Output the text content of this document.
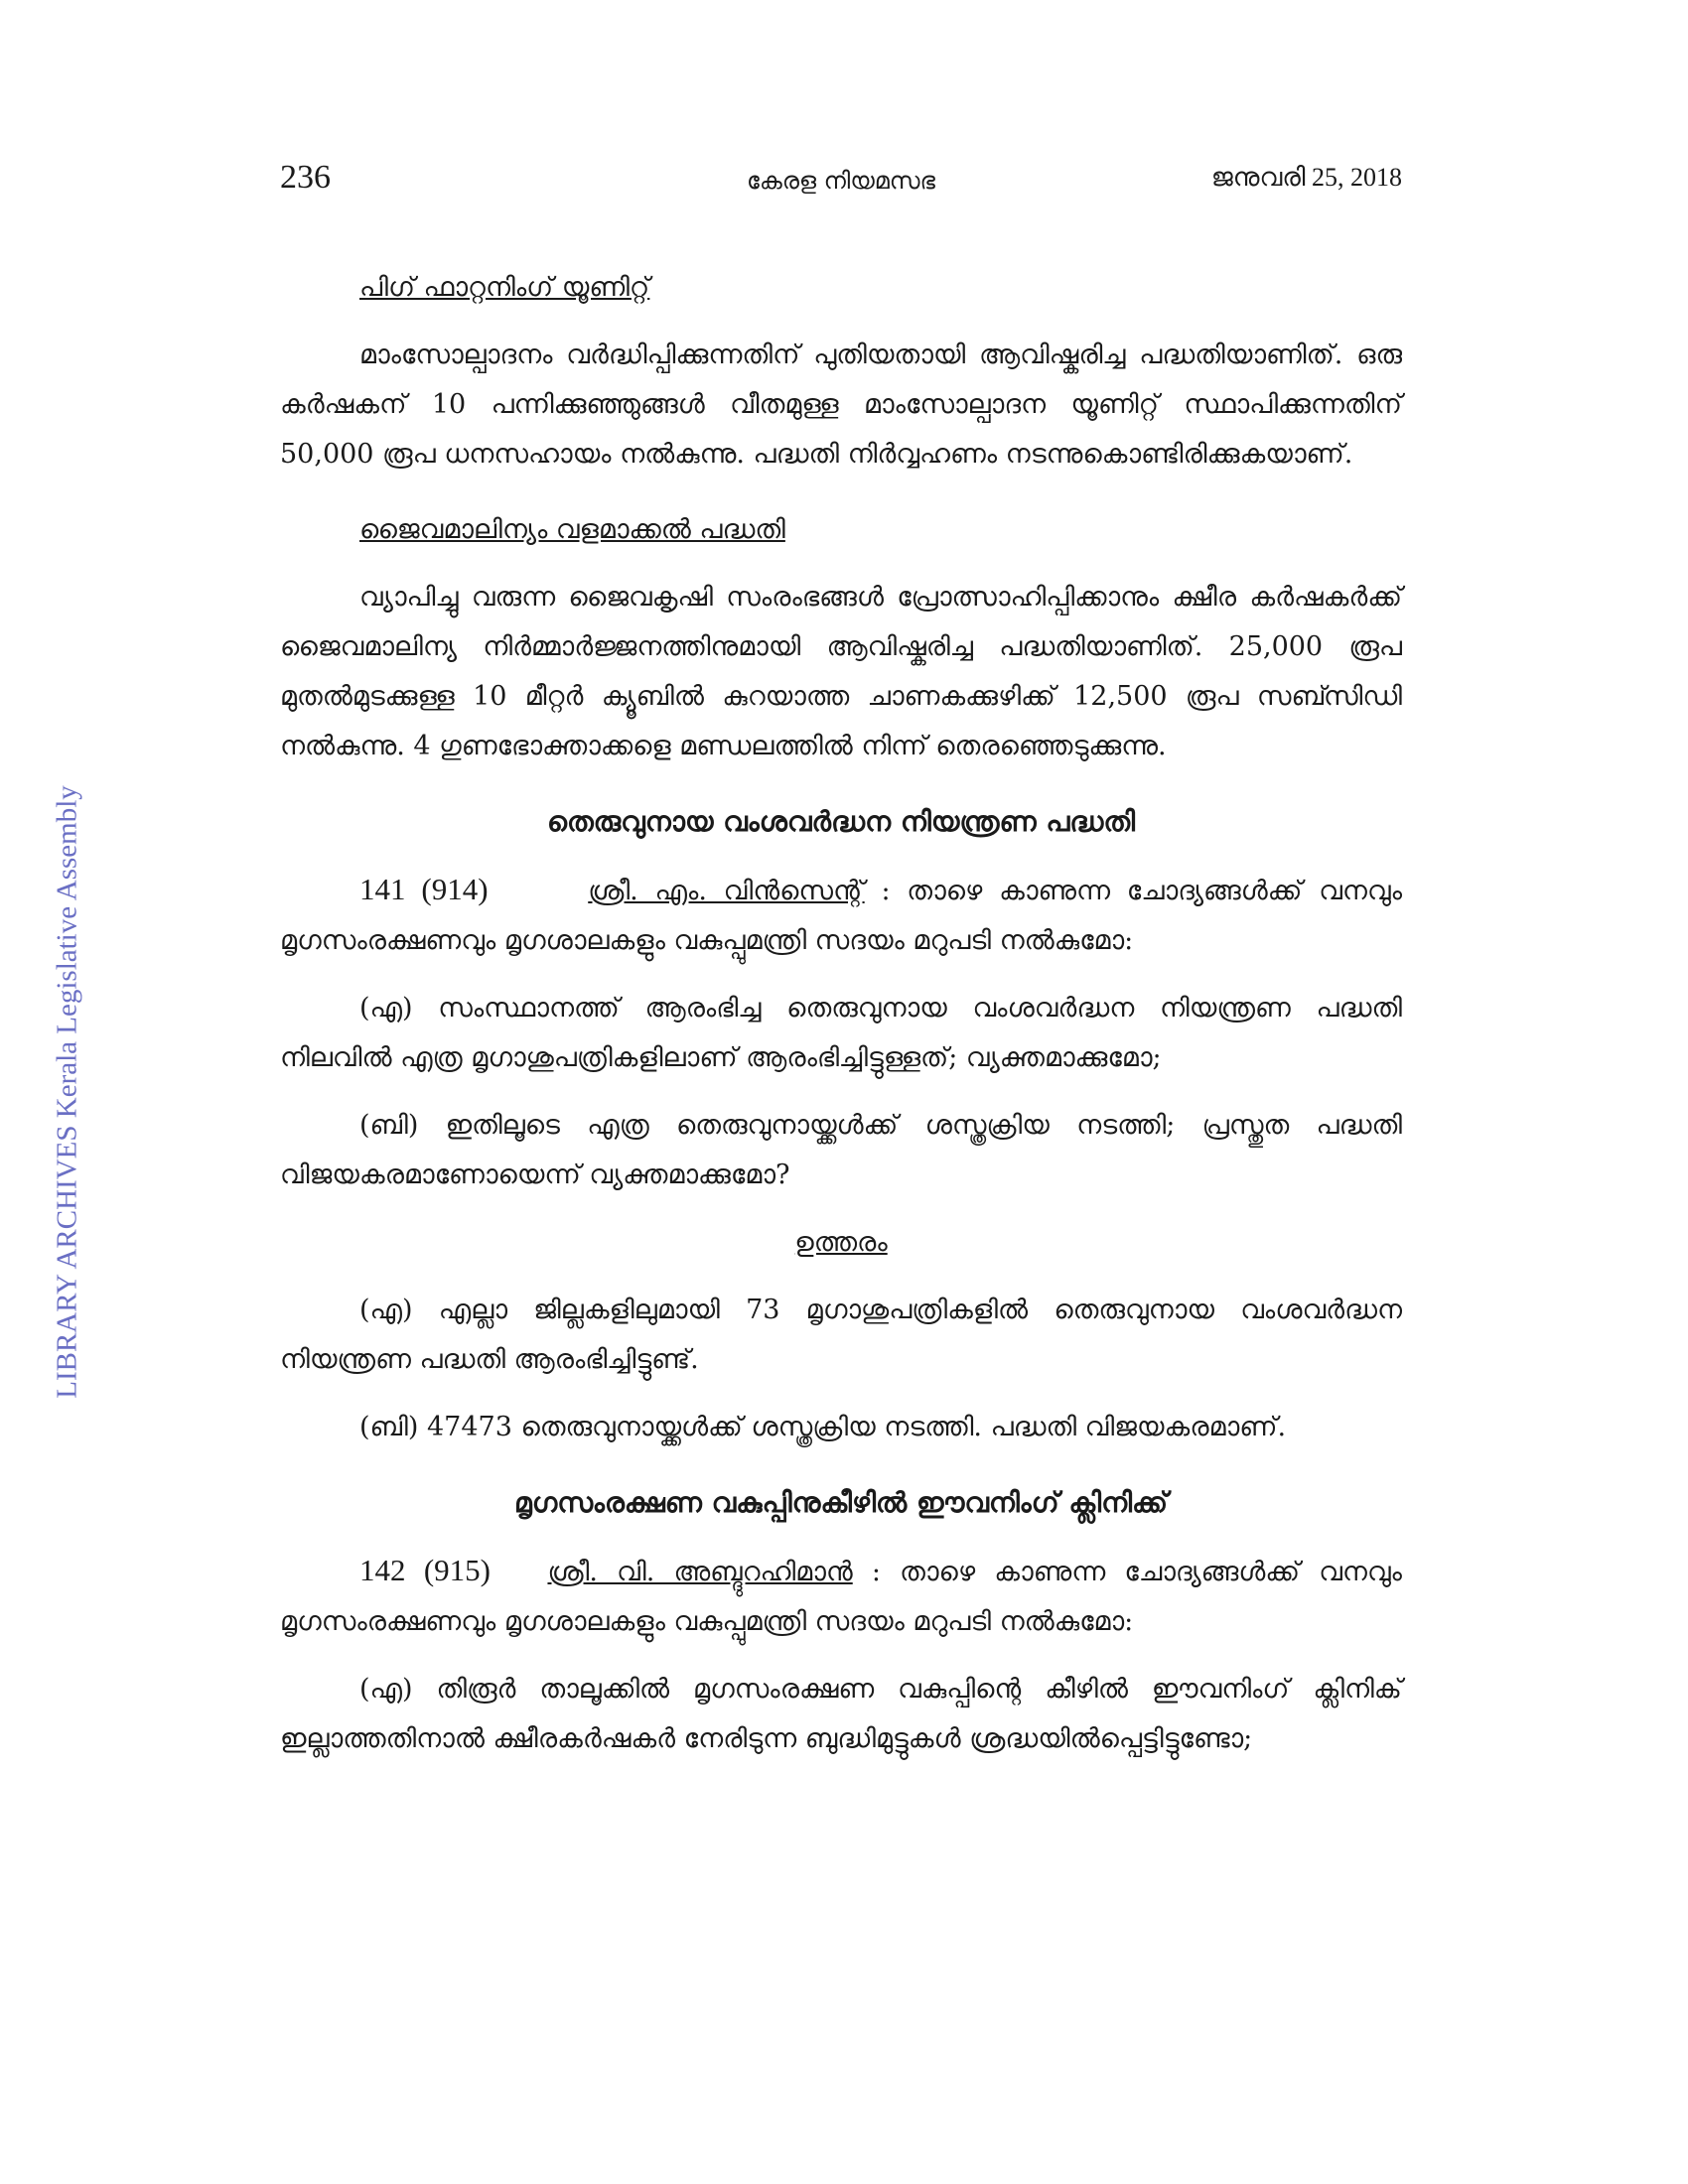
236	കേരള നിയമസഭ	ജനുവരി 25, 2018
LIBRARY ARCHIVES Kerala Legislative Assembly

പിഗ് ഫാറ്റനിംഗ് യൂണിറ്റ്

മാംസോല്പാദനം വർദ്ധിപ്പിക്കുന്നതിന് പുതിയതായി ആവിഷ്കരിച്ച പദ്ധതിയാണിത്. ഒരു കർഷകന് 10 പന്നിക്കുഞ്ഞുങ്ങൾ വീതമുള്ള മാംസോല്പാദന യൂണിറ്റ് സ്ഥാപിക്കുന്നതിന് 50,000 രൂപ ധനസഹായം നൽകുന്നു. പദ്ധതി നിർവ്വഹണം നടന്നുകൊണ്ടിരിക്കുകയാണ്.

ജൈവമാലിന്യം വളമാക്കൽ പദ്ധതി

വ്യാപിച്ചു വരുന്ന ജൈവകൃഷി സംരംഭങ്ങൾ പ്രോത്സാഹിപ്പിക്കാനും ക്ഷീര കർഷകർക്ക് ജൈവമാലിന്യ നിർമ്മാർജ്ജനത്തിനുമായി ആവിഷ്കരിച്ച പദ്ധതിയാണിത്. 25,000 രൂപ മുതൽമുടക്കുള്ള 10 മീറ്റർ ക്യൂബിൽ കുറയാത്ത ചാണകക്കുഴിക്ക് 12,500 രൂപ സബ്സിഡി നൽകുന്നു. 4 ഗുണഭോക്താക്കളെ മണ്ഡലത്തിൽ നിന്ന് തെരഞ്ഞെടുക്കുന്നു.

തെരുവുനായ വംശവർദ്ധന നിയന്ത്രണ പദ്ധതി

141 (914)	ശ്രീ. എം. വിൻസെന്റ് : താഴെ കാണുന്ന ചോദ്യങ്ങൾക്ക് വനവും മൃഗസംരക്ഷണവും മൃഗശാലകളും വകുപ്പുമന്ത്രി സദയം മറുപടി നൽകുമോ:

(എ) സംസ്ഥാനത്ത് ആരംഭിച്ച തെരുവുനായ വംശവർദ്ധന നിയന്ത്രണ പദ്ധതി നിലവിൽ എത്ര മൃഗാശുപത്രികളിലാണ് ആരംഭിച്ചിട്ടുള്ളത്; വ്യക്തമാക്കുമോ;

(ബി) ഇതിലൂടെ എത്ര തെരുവുനായ്ക്കൾക്ക് ശസ്ത്രക്രിയ നടത്തി; പ്രസ്തുത പദ്ധതി വിജയകരമാണോയെന്ന് വ്യക്തമാക്കുമോ?

ഉത്തരം

(എ) എല്ലാ ജില്ലകളിലുമായി 73 മൃഗാശുപത്രികളിൽ തെരുവുനായ വംശവർദ്ധന നിയന്ത്രണ പദ്ധതി ആരംഭിച്ചിട്ടുണ്ട്.

(ബി) 47473 തെരുവുനായ്ക്കൾക്ക് ശസ്ത്രക്രിയ നടത്തി. പദ്ധതി വിജയകരമാണ്.

മൃഗസംരക്ഷണ വകുപ്പിനുകീഴിൽ ഈവനിംഗ് ക്ലിനിക്ക്

142 (915) ശ്രീ. വി. അബ്ദുറഹിമാൻ : താഴെ കാണുന്ന ചോദ്യങ്ങൾക്ക് വനവും മൃഗസംരക്ഷണവും മൃഗശാലകളും വകുപ്പുമന്ത്രി സദയം മറുപടി നൽകുമോ:

(എ) തിരൂർ താലൂക്കിൽ മൃഗസംരക്ഷണ വകുപ്പിന്റെ കീഴിൽ ഈവനിംഗ് ക്ലിനിക് ഇല്ലാത്തതിനാൽ ക്ഷീരകർഷകർ നേരിടുന്ന ബുദ്ധിമുട്ടുകൾ ശ്രദ്ധയിൽപ്പെട്ടിട്ടുണ്ടോ;
